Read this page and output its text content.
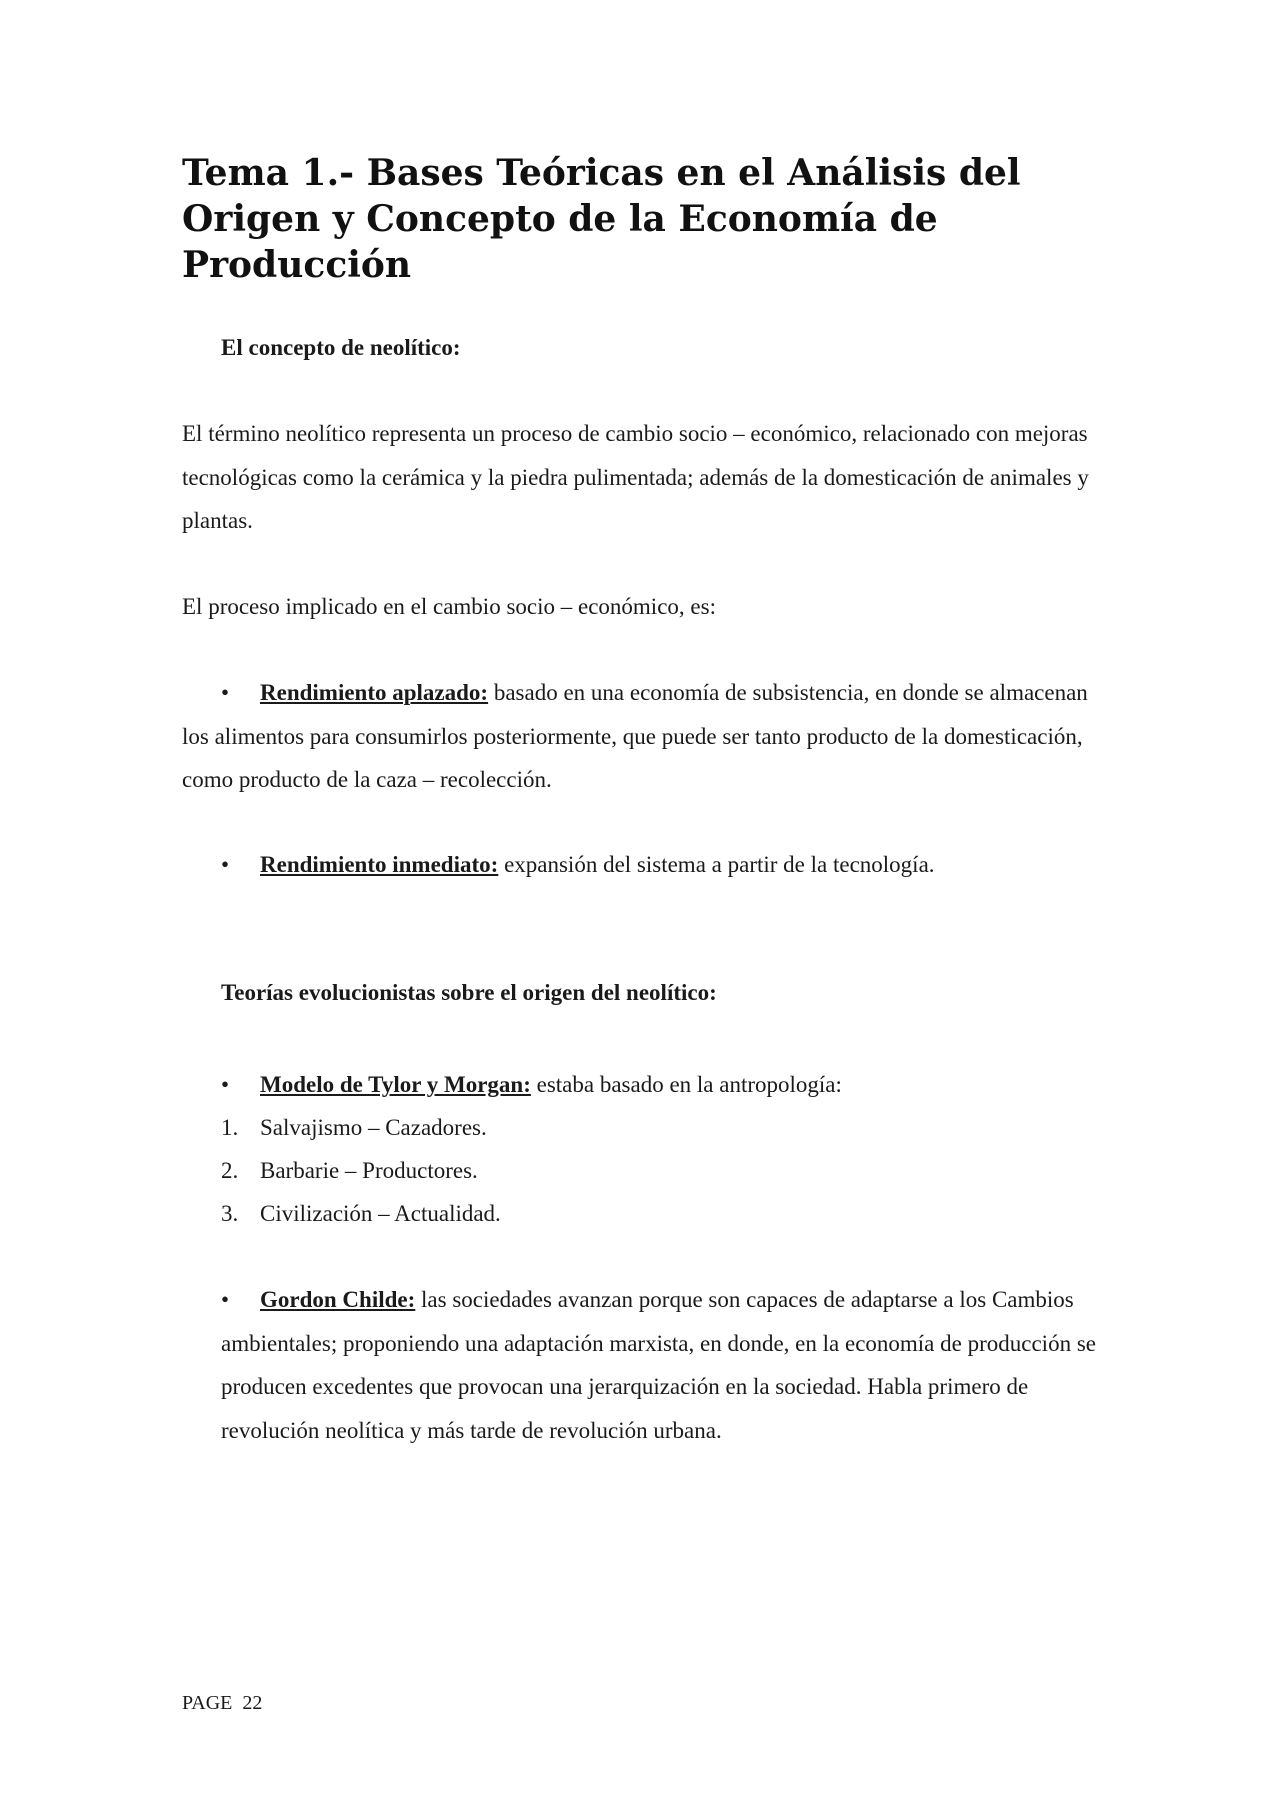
Tema 1.- Bases Teóricas en el Análisis del Origen y Concepto de la Economía de Producción

El concepto de neolítico:

El término neolítico representa un proceso de cambio socio – económico, relacionado con mejoras tecnológicas como la cerámica y la piedra pulimentada; además de la domesticación de animales y plantas.

El proceso implicado en el cambio socio – económico, es:

•	Rendimiento aplazado: basado en una economía de subsistencia, en donde se almacenan los alimentos para consumirlos posteriormente, que puede ser tanto producto de la domesticación, como producto de la caza – recolección.

• Rendimiento inmediato: expansión del sistema a partir de la tecnología.

Teorías evolucionistas sobre el origen del neolítico:

• Modelo de Tylor y Morgan: estaba basado en la antropología:

1. Salvajismo – Cazadores.

2. Barbarie – Productores.

3. Civilización – Actualidad.

•	Gordon Childe: las sociedades avanzan porque son capaces de adaptarse a los Cambios ambientales; proponiendo una adaptación marxista, en donde, en la economía de producción se producen excedentes que provocan una jerarquización en la sociedad. Habla primero de revolución neolítica y más tarde de revolución urbana.

PAGE  22
